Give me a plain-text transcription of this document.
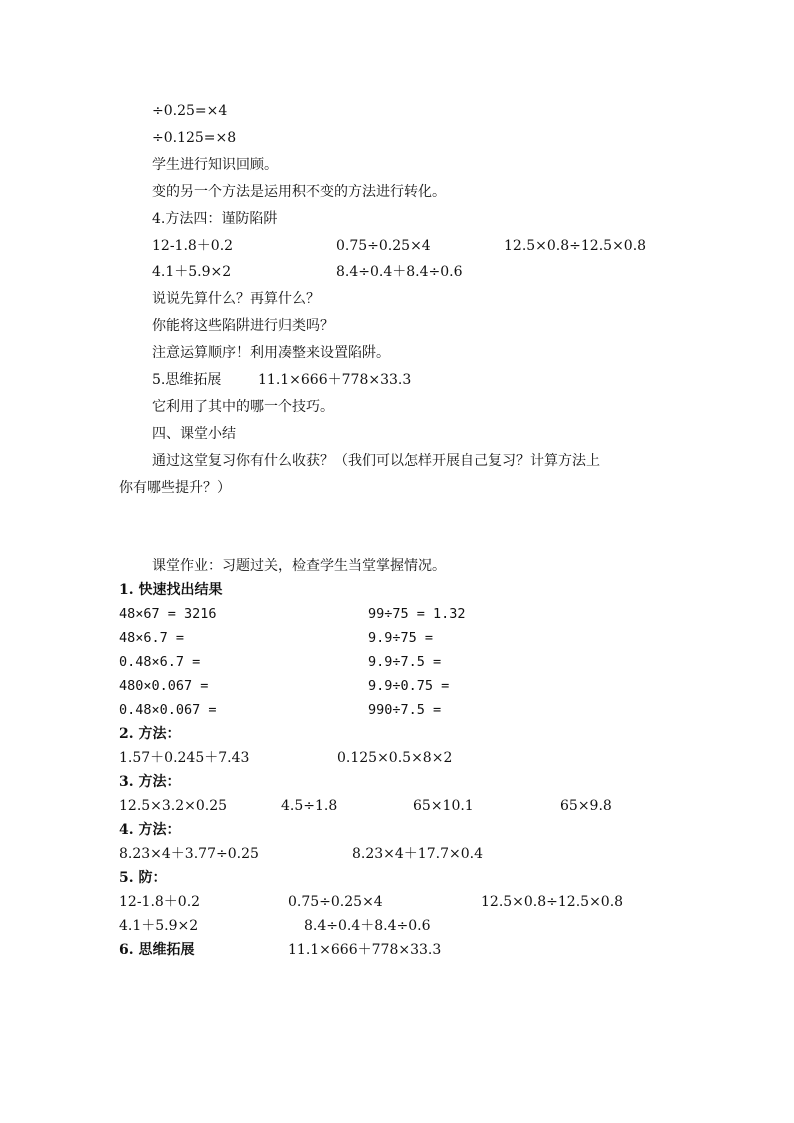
÷0.25=×4
÷0.125=×8
学生进行知识回顾。
变的另一个方法是运用积不变的方法进行转化。
4.方法四：谨防陷阱
12-1.8＋0.2	0.75÷0.25×4	12.5×0.8÷12.5×0.8
4.1＋5.9×2	8.4÷0.4＋8.4÷0.6
说说先算什么？再算什么？
你能将这些陷阱进行归类吗？
注意运算顺序！利用凑整来设置陷阱。
5.思维拓展	11.1×666＋778×33.3
它利用了其中的哪一个技巧。
四、课堂小结
通过这堂复习你有什么收获？（我们可以怎样开展自己复习？计算方法上
你有哪些提升？）
课堂作业：习题过关，检查学生当堂掌握情况。
1. 快速找出结果
48×67 = 3216	99÷75 = 1.32
48×6.7 =	9.9÷75 =
0.48×6.7 =	9.9÷7.5 =
480×0.067 =	9.9÷0.75 =
0.48×0.067 =	990÷7.5 =
2. 方法：
1.57＋0.245＋7.43	0.125×0.5×8×2
3. 方法：
12.5×3.2×0.25	4.5÷1.8	65×10.1	65×9.8
4. 方法：
8.23×4＋3.77÷0.25	8.23×4＋17.7×0.4
5. 防：
12-1.8＋0.2	0.75÷0.25×4	12.5×0.8÷12.5×0.8
4.1＋5.9×2	8.4÷0.4＋8.4÷0.6
6. 思维拓展	11.1×666＋778×33.3
